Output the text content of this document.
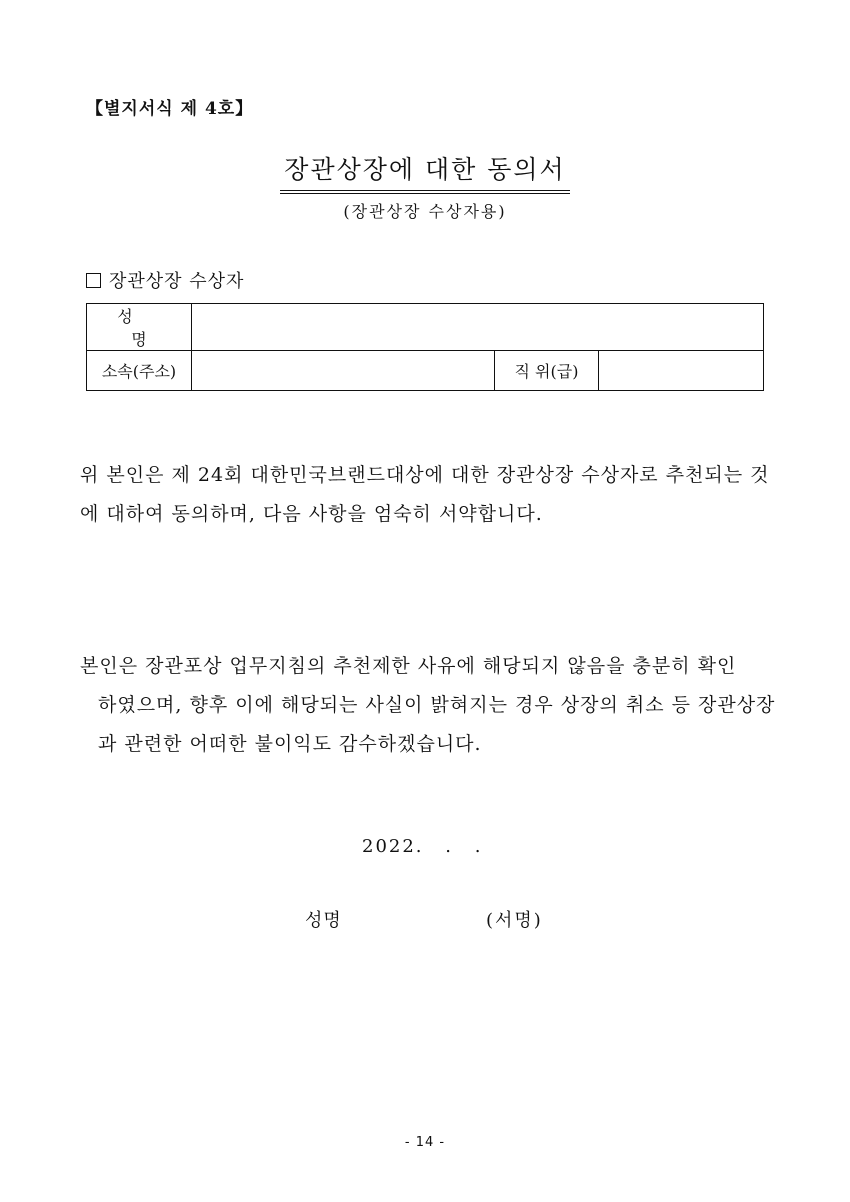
【별지서식 제 4호】
장관상장에 대한 동의서
(장관상장 수상자용)
장관상장 수상자
성 명			
소속(주소)		직 위(급)	
위 본인은 제 24회 대한민국브랜드대상에 대한 장관상장 수상자로 추천되는 것에 대하여 동의하며, 다음 사항을 엄숙히 서약합니다.
본인은 장관포상 업무지침의 추천제한 사유에 해당되지 않음을 충분히 확인
하였으며, 향후 이에 해당되는 사실이 밝혀지는 경우 상장의 취소 등 장관상장
과 관련한 어떠한 불이익도 감수하겠습니다.
2022. . .
성명	(서명)
- 14 -
